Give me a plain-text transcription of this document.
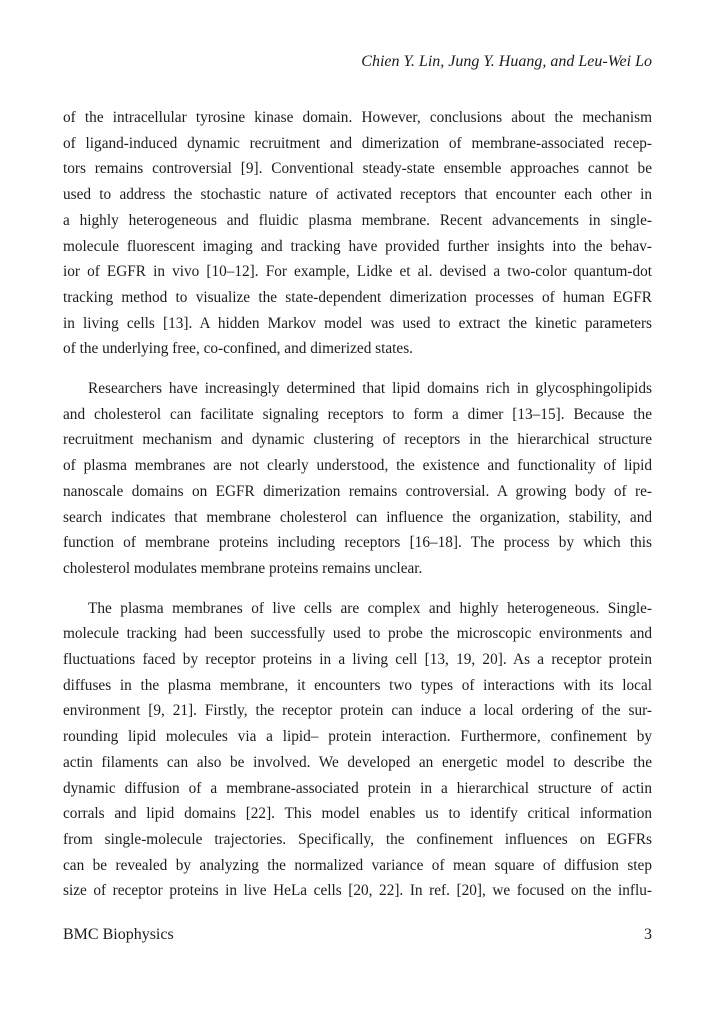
Chien Y. Lin, Jung Y. Huang, and Leu-Wei Lo
of the intracellular tyrosine kinase domain. However, conclusions about the mechanism
of ligand-induced dynamic recruitment and dimerization of membrane-associated recep-
tors remains controversial [9]. Conventional steady-state ensemble approaches cannot be
used to address the stochastic nature of activated receptors that encounter each other in
a highly heterogeneous and fluidic plasma membrane. Recent advancements in single-
molecule fluorescent imaging and tracking have provided further insights into the behav-
ior of EGFR in vivo [10–12]. For example, Lidke et al. devised a two-color quantum-dot
tracking method to visualize the state-dependent dimerization processes of human EGFR
in living cells [13]. A hidden Markov model was used to extract the kinetic parameters
of the underlying free, co-confined, and dimerized states.
Researchers have increasingly determined that lipid domains rich in glycosphingolipids
and cholesterol can facilitate signaling receptors to form a dimer [13–15]. Because the
recruitment mechanism and dynamic clustering of receptors in the hierarchical structure
of plasma membranes are not clearly understood, the existence and functionality of lipid
nanoscale domains on EGFR dimerization remains controversial. A growing body of re-
search indicates that membrane cholesterol can influence the organization, stability, and
function of membrane proteins including receptors [16–18]. The process by which this
cholesterol modulates membrane proteins remains unclear.
The plasma membranes of live cells are complex and highly heterogeneous. Single-
molecule tracking had been successfully used to probe the microscopic environments and
fluctuations faced by receptor proteins in a living cell [13, 19, 20]. As a receptor protein
diffuses in the plasma membrane, it encounters two types of interactions with its local
environment [9, 21]. Firstly, the receptor protein can induce a local ordering of the sur-
rounding lipid molecules via a lipid– protein interaction. Furthermore, confinement by
actin filaments can also be involved. We developed an energetic model to describe the
dynamic diffusion of a membrane-associated protein in a hierarchical structure of actin
corrals and lipid domains [22]. This model enables us to identify critical information
from single-molecule trajectories. Specifically, the confinement influences on EGFRs
can be revealed by analyzing the normalized variance of mean square of diffusion step
size of receptor proteins in live HeLa cells [20, 22]. In ref. [20], we focused on the influ-
BMC Biophysics	3
